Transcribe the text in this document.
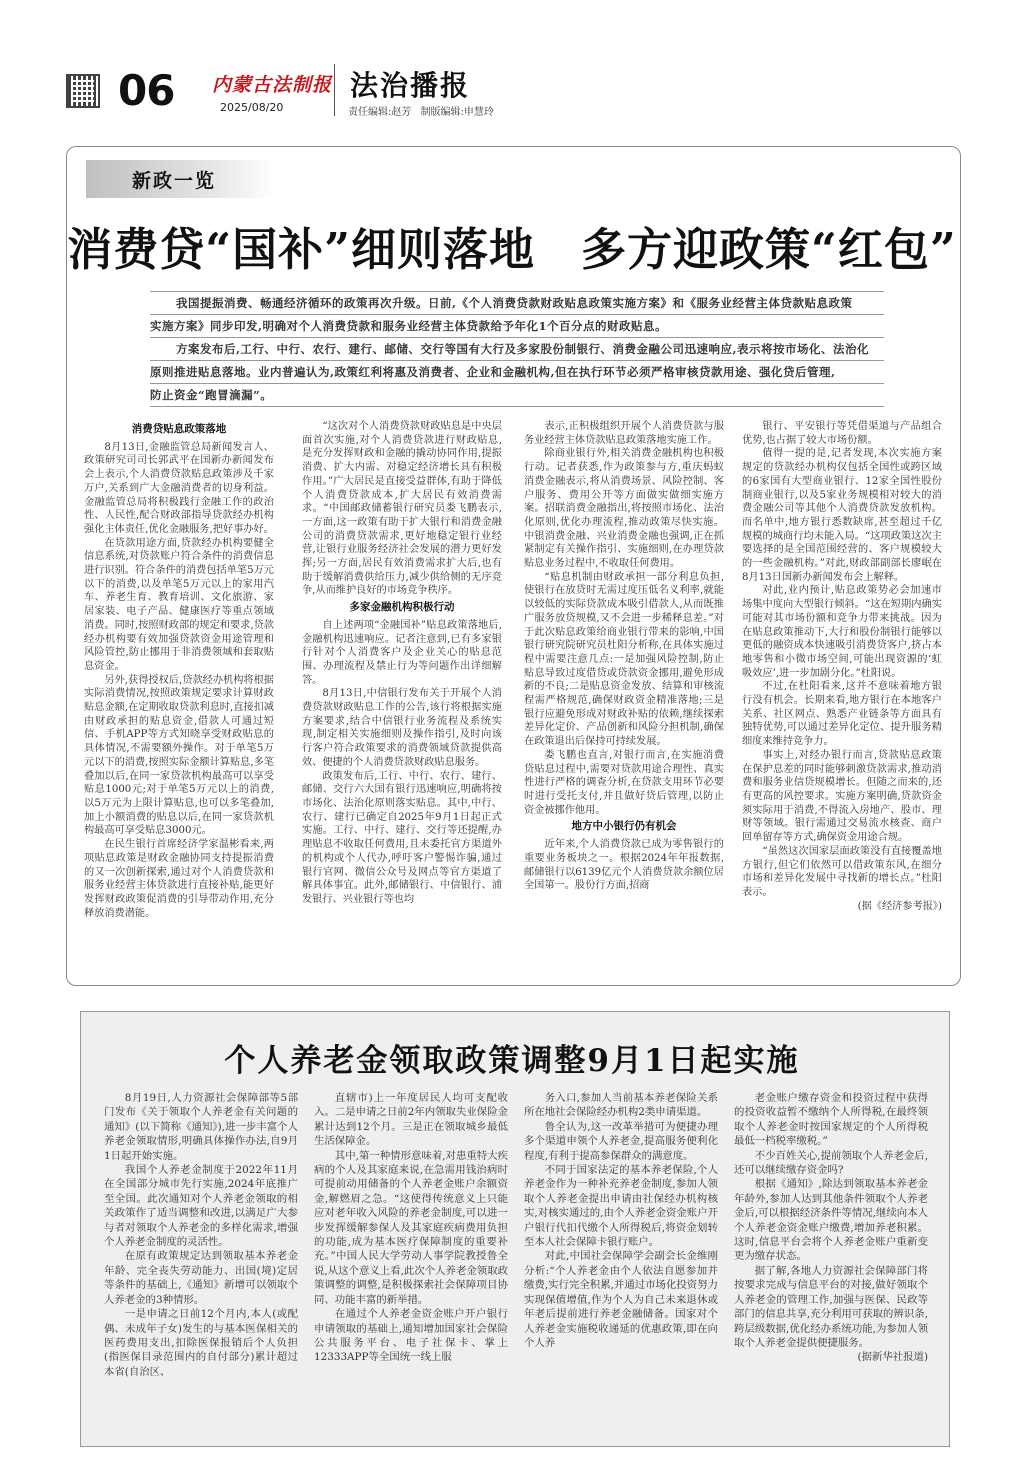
06 内蒙古法制报
2025/08/20
法治播报
责任编辑:赵芳 制版编辑:申慧玲
新政一览
消费贷“国补”细则落地　多方迎政策“红包”
我国提振消费、畅通经济循环的政策再次升级。日前,《个人消费贷款财政贴息政策实施方案》和《服务业经营主体贷款贴息政策
实施方案》同步印发,明确对个人消费贷款和服务业经营主体贷款给予年化1个百分点的财政贴息。
方案发布后,工行、中行、农行、建行、邮储、交行等国有大行及多家股份制银行、消费金融公司迅速响应,表示将按市场化、法治化
原则推进贴息落地。业内普遍认为,政策红利将惠及消费者、企业和金融机构,但在执行环节必须严格审核贷款用途、强化贷后管理,
防止资金“跑冒滴漏”。
消费贷贴息政策落地

8月13日,金融监管总局新闻发言人、政策研究司司长郭武平在国新办新闻发布会上表示,个人消费贷款贴息政策涉及千家万户,关系到广大金融消费者的切身利益。金融监管总局将积极践行金融工作的政治性、人民性,配合财政部指导贷款经办机构强化主体责任,优化金融服务,把好事办好。

在贷款用途方面,贷款经办机构要健全信息系统,对贷款账户符合条件的消费信息进行识别。符合条件的消费包括单笔5万元以下的消费,以及单笔5万元以上的家用汽车、养老生育、教育培训、文化旅游、家居家装、电子产品、健康医疗等重点领域消费。同时,按照财政部的规定和要求,贷款经办机构要有效加强贷款资金用途管理和风险管控,防止挪用于非消费领域和套取贴息资金。

另外,获得授权后,贷款经办机构将根据实际消费情况,按照政策规定要求计算财政贴息金额,在定期收取贷款利息时,直接扣减由财政承担的贴息资金,借款人可通过短信、手机APP等方式知晓享受财政贴息的具体情况,不需要额外操作。对于单笔5万元以下的消费,按照实际金额计算贴息,多笔叠加以后,在同一家贷款机构最高可以享受贴息1000元;对于单笔5万元以上的消费,以5万元为上限计算贴息,也可以多笔叠加,加上小额消费的贴息以后,在同一家贷款机构最高可享受贴息3000元。

在民生银行首席经济学家温彬看来,两项贴息政策是财政金融协同支持提振消费的又一次创新探索,通过对个人消费贷款和服务业经营主体贷款进行直接补贴,能更好发挥财政政策促消费的引导带动作用,充分释放消费潜能。

“这次对个人消费贷款财政贴息是中央层面首次实施,对个人消费贷款进行财政贴息,是充分发挥财政和金融的撬动协同作用,提振消费、扩大内需、对稳定经济增长具有积极作用。”广大居民是直接受益群体,有助于降低个人消费贷款成本,扩大居民有效消费需求。“中国邮政储蓄银行研究员娄飞鹏表示,一方面,这一政策有助于扩大银行和消费金融公司的消费贷款需求,更好地稳定银行业经营,让银行业服务经济社会发展的潜力更好发挥;另一方面,居民有效消费需求扩大后,也有助于缓解消费供给压力,减少供给侧的无序竞争,从而维护良好的市场竞争秩序。

多家金融机构积极行动

自上述两项“金融国补”贴息政策落地后,金融机构迅速响应。记者注意到,已有多家银行针对个人消费客户及企业关心的贴息范围、办理流程及禁止行为等问题作出详细解答。

8月13日,中信银行发布关于开展个人消费贷款财政贴息工作的公告,该行将根据实施方案要求,结合中信银行业务流程及系统实现,制定相关实施细则及操作指引,及时向该行客户符合政策要求的消费领域贷款提供高效、便捷的个人消费贷款财政贴息服务。

政策发布后,工行、中行、农行、建行、邮储、交行六大国有银行迅速响应,明确将按市场化、法治化原则落实贴息。其中,中行、农行、建行已确定自2025年9月1日起正式实施。工行、中行、建行、交行等还提醒,办理贴息不收取任何费用,且未委托官方渠道外的机构或个人代办,呼吁客户警惕诈骗,通过银行官网、微信公众号及网点等官方渠道了解具体事宜。此外,邮储银行、中信银行、浦发银行、兴业银行等也均

表示,正积极组织开展个人消费贷款与服务业经营主体贷款贴息政策落地实施工作。

除商业银行外,相关消费金融机构也积极行动。记者获悉,作为政策参与方,重庆蚂蚁消费金融表示,将从消费场景、风险控制、客户服务、费用公开等方面做实做细实施方案。招联消费金融指出,将按照市场化、法治化原则,优化办理流程,推动政策尽快实施。中银消费金融、兴业消费金融也强调,正在抓紧制定有关操作指引、实施细则,在办理贷款贴息业务过程中,不收取任何费用。

“贴息机制由财政承担一部分利息负担,使银行在放贷时无需过度压低名义利率,就能以较低的实际贷款成本吸引借款人,从而既推广服务放贷规模,又不会进一步稀释息差。”对于此次贴息政策给商业银行带来的影响,中国银行研究院研究员杜阳分析称,在具体实施过程中需要注意几点:一是加强风险控制,防止贴息导致过度借贷或贷款资金挪用,避免形成新的不良;二是贴息资金发放、结算和审核流程需严格规范,确保财政资金精准落地;三是银行应避免形成对财政补贴的依赖,继续探索差异化定价、产品创新和风险分担机制,确保在政策退出后保持可持续发展。

娄飞鹏也直言,对银行而言,在实施消费贷贴息过程中,需要对贷款用途合理性、真实性进行严格的调查分析,在贷款支用环节必要时进行受托支付,并且做好贷后管理,以防止资金被挪作他用。

地方中小银行仍有机会

近年来,个人消费贷款已成为零售银行的重要业务板块之一。根据2024年年报数据,邮储银行以6139亿元个人消费贷款余额位居全国第一。股份行方面,招商

银行、平安银行等凭借渠道与产品组合优势,也占据了较大市场份额。

值得一提的是,记者发现,本次实施方案规定的贷款经办机构仅包括全国性或跨区域的6家国有大型商业银行、12家全国性股份制商业银行,以及5家业务规模相对较大的消费金融公司等其他个人消费贷款发放机构。而名单中,地方银行悉数缺席,甚至超过千亿规模的城商行均未能入局。“这项政策这次主要选择的是全国范围经营的、客户规模较大的一些金融机构。”对此,财政部副部长廖岷在8月13日国新办新闻发布会上解释。

对此,业内预计,贴息政策势必会加速市场集中度向大型银行倾斜。“这在短期内确实可能对其市场份额和竞争力带来挑战。因为在贴息政策推动下,大行和股份制银行能够以更低的融资成本快速吸引消费贷客户,挤占本地零售和小微市场空间,可能出现资源的‘虹吸效应’,进一步加剧分化。”杜阳说。

不过,在杜阳看来,这并不意味着地方银行没有机会。长期来看,地方银行在本地客户关系、社区网点、熟悉产业链条等方面具有独特优势,可以通过差异化定位、提升服务精细度来维持竞争力。

事实上,对经办银行而言,贷款贴息政策在保护息差的同时能够刺激贷款需求,推动消费和服务业信贷规模增长。但随之而来的,还有更高的风控要求。实施方案明确,贷款资金须实际用于消费,不得流入房地产、股市、理财等领域。银行需通过交易流水核查、商户回单留存等方式,确保资金用途合规。

“虽然这次国家层面政策没有直接覆盖地方银行,但它们依然可以借政策东风,在细分市场和差异化发展中寻找新的增长点。”杜阳表示。

(据《经济参考报》)
个人养老金领取政策调整9月1日起实施

8月19日,人力资源社会保障部等5部门发布《关于领取个人养老金有关问题的通知》(以下简称《通知》),进一步丰富个人养老金领取情形,明确具体操作办法,自9月1日起开始实施。

我国个人养老金制度于2022年11月在全国部分城市先行实施,2024年底推广至全国。此次通知对个人养老金领取的相关政策作了适当调整和改进,以满足广大参与者对领取个人养老金的多样化需求,增强个人养老金制度的灵活性。

在原有政策规定达到领取基本养老金年龄、完全丧失劳动能力、出国(境)定居等条件的基础上,《通知》新增可以领取个人养老金的3种情形。

一是申请之日前12个月内,本人(或配偶、未成年子女)发生的与基本医保相关的医药费用支出,扣除医保报销后个人负担(指医保目录范围内的自付部分)累计超过本省(自治区、

直辖市)上一年度居民人均可支配收入。二是申请之日前2年内领取失业保险金累计达到12个月。三是正在领取城乡最低生活保障金。

其中,第一种情形意味着,对患重特大疾病的个人及其家庭来说,在急需用钱治病时可提前动用储备的个人养老金账户余额资金,解燃眉之急。“这使得传统意义上只能应对老年收入风险的养老金制度,可以进一步发挥缓解参保人及其家庭疾病费用负担的功能,成为基本医疗保障制度的重要补充。”中国人民大学劳动人事学院教授鲁全说,从这个意义上看,此次个人养老金领取政策调整的调整,是积极探索社会保障项目协同、功能丰富的新举措。

在通过个人养老金资金账户开户银行申请领取的基础上,通知增加国家社会保险公共服务平台、电子社保卡、掌上12333APP等全国统一线上服

务入口,参加人当前基本养老保险关系所在地社会保险经办机构2类申请渠道。

鲁全认为,这一改革举措可为便捷办理多个渠道申领个人养老金,提高服务便利化程度,有利于提高参保群众的满意度。

不同于国家法定的基本养老保险,个人养老金作为一种补充养老金制度,参加人领取个人养老金提出申请由社保经办机构核实,对核实通过的,由个人养老金资金账户开户银行代扣代缴个人所得税后,将资金划转至本人社会保障卡银行账户。

对此,中国社会保障学会副会长金维刚分析:“个人养老金由个人依法自愿参加并缴费,实行完全积累,并通过市场化投资努力实现保值增值,作为个人为自己未来退休或年老后提前进行养老金融储备。国家对个人养老金实施税收递延的优惠政策,即在向个人养

老金账户缴存资金和投资过程中获得的投资收益暂不缴纳个人所得税,在最终领取个人养老金时按国家规定的个人所得税最低一档税率缴税。”

不少百姓关心,提前领取个人养老金后,还可以继续缴存资金吗?

根据《通知》,除达到领取基本养老金年龄外,参加人达到其他条件领取个人养老金后,可以根据经济条件等情况,继续向本人个人养老金资金账户缴费,增加养老积累。这时,信息平台会将个人养老金账户重新变更为缴存状态。

据了解,各地人力资源社会保障部门将按要求完成与信息平台的对接,做好领取个人养老金的管理工作,加强与医保、民政等部门的信息共享,充分利用可获取的辨识条,跨层级数据,优化经办系统功能,为参加人领取个人养老金提供便捷服务。

(据新华社报道)
